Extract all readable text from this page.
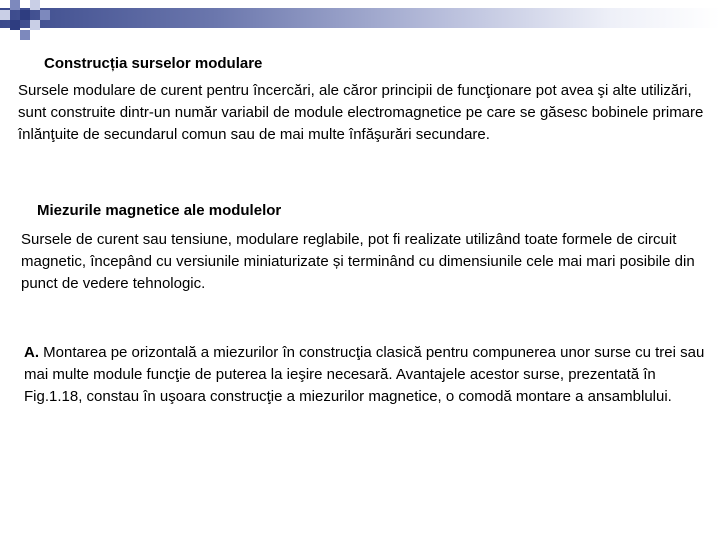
Construcția surselor modulare
Sursele modulare de curent pentru încercări, ale căror principii de funcţionare pot avea şi alte utilizări, sunt construite dintr-un număr variabil de module electromagnetice pe care se găsesc bobinele primare înlănţuite de secundarul comun sau de mai multe înfăşurări secundare.
Miezurile magnetice ale modulelor
Sursele de curent sau tensiune, modulare reglabile, pot fi realizate utilizând toate formele de circuit magnetic, începând cu versiunile miniaturizate și terminând cu dimensiunile cele mai mari posibile din punct de vedere tehnologic.
A. Montarea pe orizontală a miezurilor în construcţia clasică pentru compunerea unor surse cu trei sau mai multe module funcţie de puterea la ieşire necesară. Avantajele acestor surse, prezentată în Fig.1.18, constau în uşoara construcţie a miezurilor magnetice, o comodă montare a ansamblului.
